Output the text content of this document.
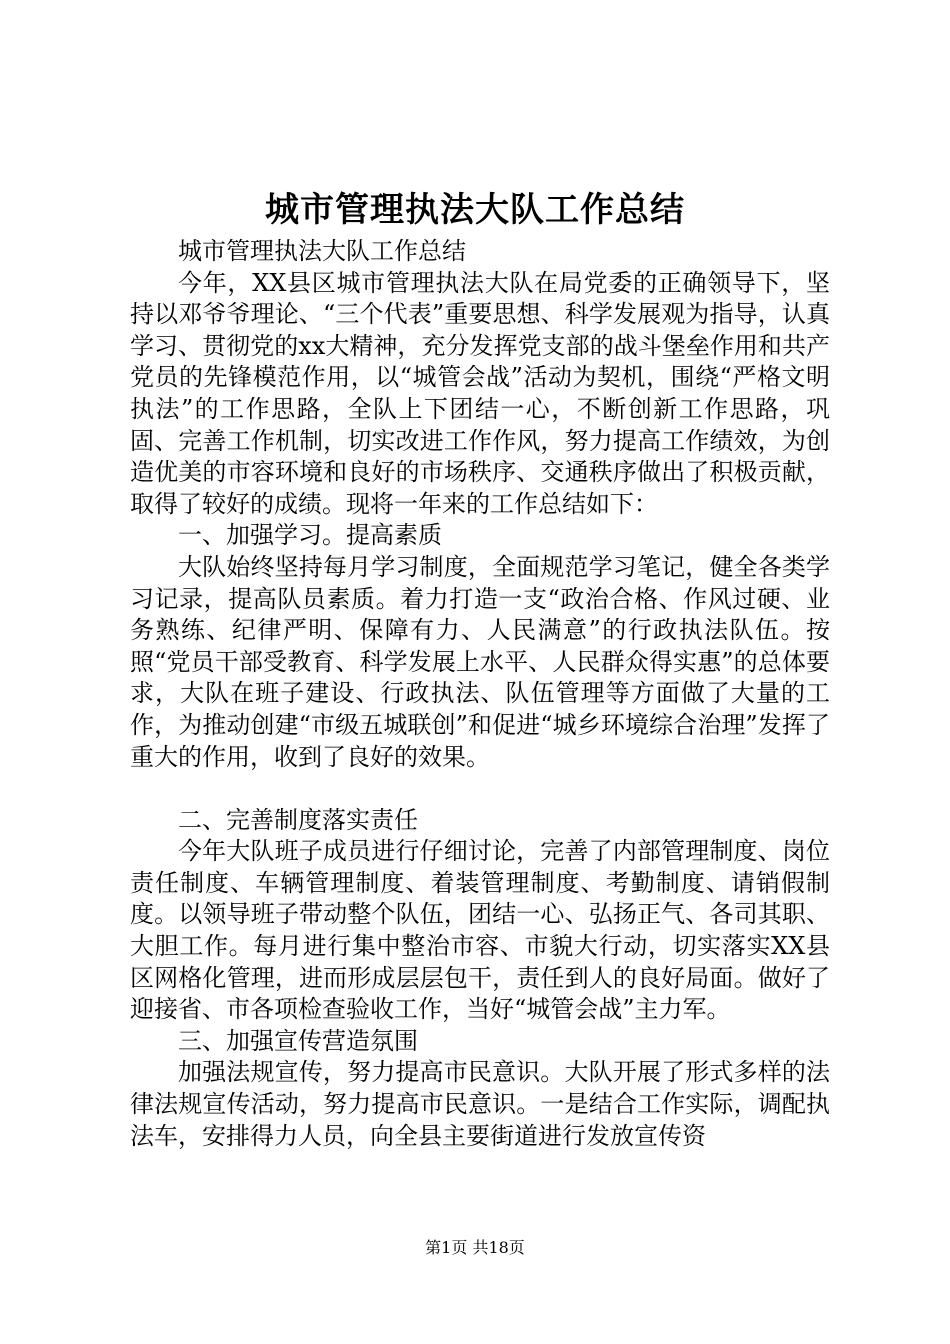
城市管理执法大队工作总结

城市管理执法大队工作总结

今年，XX县区城市管理执法大队在局党委的正确领导下，坚持以邓爷爷理论、“三个代表”重要思想、科学发展观为指导，认真学习、贯彻党的xx大精神，充分发挥党支部的战斗堡垒作用和共产党员的先锋模范作用，以“城管会战”活动为契机，围绕“严格文明执法”的工作思路，全队上下团结一心，不断创新工作思路，巩固、完善工作机制，切实改进工作作风，努力提高工作绩效，为创造优美的市容环境和良好的市场秩序、交通秩序做出了积极贡献，取得了较好的成绩。现将一年来的工作总结如下：

一、加强学习。提高素质

大队始终坚持每月学习制度，全面规范学习笔记，健全各类学习记录，提高队员素质。着力打造一支“政治合格、作风过硬、业务熟练、纪律严明、保障有力、人民满意”的行政执法队伍。按照“党员干部受教育、科学发展上水平、人民群众得实惠”的总体要求，大队在班子建设、行政执法、队伍管理等方面做了大量的工作，为推动创建“市级五城联创”和促进“城乡环境综合治理”发挥了重大的作用，收到了良好的效果。

二、完善制度落实责任

今年大队班子成员进行仔细讨论，完善了内部管理制度、岗位责任制度、车辆管理制度、着装管理制度、考勤制度、请销假制度。以领导班子带动整个队伍，团结一心、弘扬正气、各司其职、大胆工作。每月进行集中整治市容、市貌大行动，切实落实XX县区网格化管理，进而形成层层包干，责任到人的良好局面。做好了迎接省、市各项检查验收工作，当好“城管会战”主力军。

三、加强宣传营造氛围

加强法规宣传，努力提高市民意识。大队开展了形式多样的法律法规宣传活动，努力提高市民意识。一是结合工作实际，调配执法车，安排得力人员，向全县主要街道进行发放宣传资

第1页 共18页
